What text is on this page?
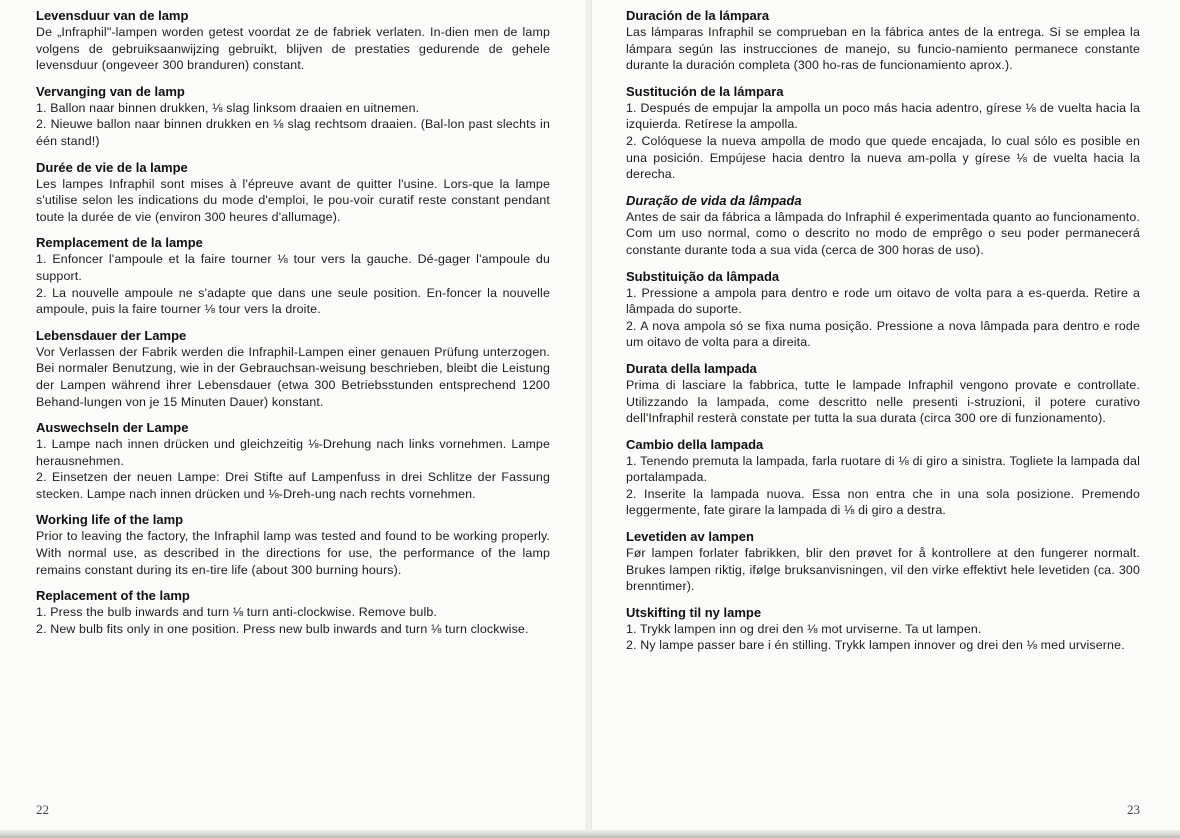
Levensduur van de lamp

De „Infraphil"-lampen worden getest voordat ze de fabriek verlaten. In-dien men de lamp volgens de gebruiksaanwijzing gebruikt, blijven de prestaties gedurende de gehele levensduur (ongeveer 300 branduren) constant.

Vervanging van de lamp

1. Ballon naar binnen drukken, ⅛ slag linksom draaien en uitnemen.

2. Nieuwe ballon naar binnen drukken en ⅛ slag rechtsom draaien. (Bal-lon past slechts in één stand!)

Durée de vie de la lampe

Les lampes Infraphil sont mises à l'épreuve avant de quitter l'usine. Lors-que la lampe s'utilise selon les indications du mode d'emploi, le pou-voir curatif reste constant pendant toute la durée de vie (environ 300 heures d'allumage).

Remplacement de la lampe

1. Enfoncer l'ampoule et la faire tourner ⅛ tour vers la gauche. Dé-gager l'ampoule du support.

2. La nouvelle ampoule ne s'adapte que dans une seule position. En-foncer la nouvelle ampoule, puis la faire tourner ⅛ tour vers la droite.

Lebensdauer der Lampe

Vor Verlassen der Fabrik werden die Infraphil-Lampen einer genauen Prüfung unterzogen. Bei normaler Benutzung, wie in der Gebrauchsan-weisung beschrieben, bleibt die Leistung der Lampen während ihrer Lebensdauer (etwa 300 Betriebsstunden entsprechend 1200 Behand-lungen von je 15 Minuten Dauer) konstant.

Auswechseln der Lampe

1. Lampe nach innen drücken und gleichzeitig ⅛-Drehung nach links vornehmen. Lampe herausnehmen.

2. Einsetzen der neuen Lampe: Drei Stifte auf Lampenfuss in drei Schlitze der Fassung stecken. Lampe nach innen drücken und ⅛-Dreh-ung nach rechts vornehmen.

Working life of the lamp

Prior to leaving the factory, the Infraphil lamp was tested and found to be working properly. With normal use, as described in the directions for use, the performance of the lamp remains constant during its en-tire life (about 300 burning hours).

Replacement of the lamp

1. Press the bulb inwards and turn ⅛ turn anti-clockwise. Remove bulb.

2. New bulb fits only in one position. Press new bulb inwards and turn ⅛ turn clockwise.

22

Duración de la lámpara

Las lámparas Infraphil se comprueban en la fábrica antes de la entrega. Si se emplea la lámpara según las instrucciones de manejo, su funcio-namiento permanece constante durante la duración completa (300 ho-ras de funcionamiento aprox.).

Sustitución de la lámpara

1. Después de empujar la ampolla un poco más hacia adentro, gírese ⅛ de vuelta hacia la izquierda. Retírese la ampolla.

2. Colóquese la nueva ampolla de modo que quede encajada, lo cual sólo es posible en una posición. Empújese hacia dentro la nueva am-polla y gírese ⅛ de vuelta hacia la derecha.

Duração de vida da lâmpada

Antes de sair da fábrica a lâmpada do Infraphil é experimentada quanto ao funcionamento. Com um uso normal, como o descrito no modo de emprêgo o seu poder permanecerá constante durante toda a sua vida (cerca de 300 horas de uso).

Substituição da lâmpada

1. Pressione a ampola para dentro e rode um oitavo de volta para a es-querda. Retire a lâmpada do suporte.

2. A nova ampola só se fixa numa posição. Pressione a nova lâmpada para dentro e rode um oitavo de volta para a direita.

Durata della lampada

Prima di lasciare la fabbrica, tutte le lampade Infraphil vengono provate e controllate. Utilizzando la lampada, come descritto nelle presenti i-struzioni, il potere curativo dell'Infraphil resterà constate per tutta la sua durata (circa 300 ore di funzionamento).

Cambio della lampada

1. Tenendo premuta la lampada, farla ruotare di ⅛ di giro a sinistra. Togliete la lampada dal portalampada.

2. Inserite la lampada nuova. Essa non entra che in una sola posizione. Premendo leggermente, fate girare la lampada di ⅛ di giro a destra.

Levetiden av lampen

Før lampen forlater fabrikken, blir den prøvet for å kontrollere at den fungerer normalt. Brukes lampen riktig, ifølge bruksanvisningen, vil den virke effektivt hele levetiden (ca. 300 brenntimer).

Utskifting til ny lampe

1. Trykk lampen inn og drei den ⅛ mot urviserne. Ta ut lampen.

2. Ny lampe passer bare i én stilling. Trykk lampen innover og drei den ⅛ med urviserne.

23
